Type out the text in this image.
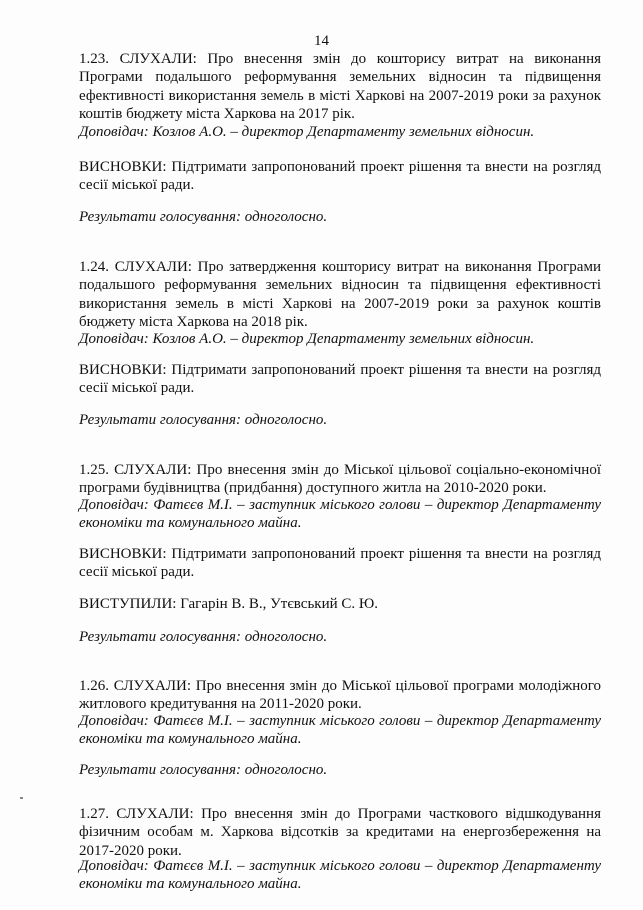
14
1.23. СЛУХАЛИ: Про внесення змін до кошторису витрат на виконання Програми подальшого реформування земельних відносин та підвищення ефективності використання земель в місті Харкові на 2007-2019 роки за рахунок коштів бюджету міста Харкова на 2017 рік.
Доповідач: Козлов А.О. – директор Департаменту земельних відносин.
ВИСНОВКИ: Підтримати запропонований проект рішення та внести на розгляд сесії міської ради.
Результати голосування: одноголосно.
1.24. СЛУХАЛИ: Про затвердження кошторису витрат на виконання Програми подальшого реформування земельних відносин та підвищення ефективності використання земель в місті Харкові на 2007-2019 роки за рахунок коштів бюджету міста Харкова на 2018 рік.
Доповідач: Козлов А.О. – директор Департаменту земельних відносин.
ВИСНОВКИ: Підтримати запропонований проект рішення та внести на розгляд сесії міської ради.
Результати голосування: одноголосно.
1.25. СЛУХАЛИ: Про внесення змін до Міської цільової соціально-економічної програми будівництва (придбання) доступного житла на 2010-2020 роки.
Доповідач: Фатєєв М.І. – заступник міського голови – директор Департаменту економіки та комунального майна.
ВИСНОВКИ: Підтримати запропонований проект рішення та внести на розгляд сесії міської ради.
ВИСТУПИЛИ: Гагарін В. В., Утєвський С. Ю.
Результати голосування: одноголосно.
1.26. СЛУХАЛИ: Про внесення змін до Міської цільової програми молодіжного житлового кредитування на 2011-2020 роки.
Доповідач: Фатєєв М.І. – заступник міського голови – директор Департаменту економіки та комунального майна.
Результати голосування: одноголосно.
1.27. СЛУХАЛИ: Про внесення змін до Програми часткового відшкодування фізичним особам м. Харкова відсотків за кредитами на енергозбереження на 2017-2020 роки.
Доповідач: Фатєєв М.І. – заступник міського голови – директор Департаменту економіки та комунального майна.
